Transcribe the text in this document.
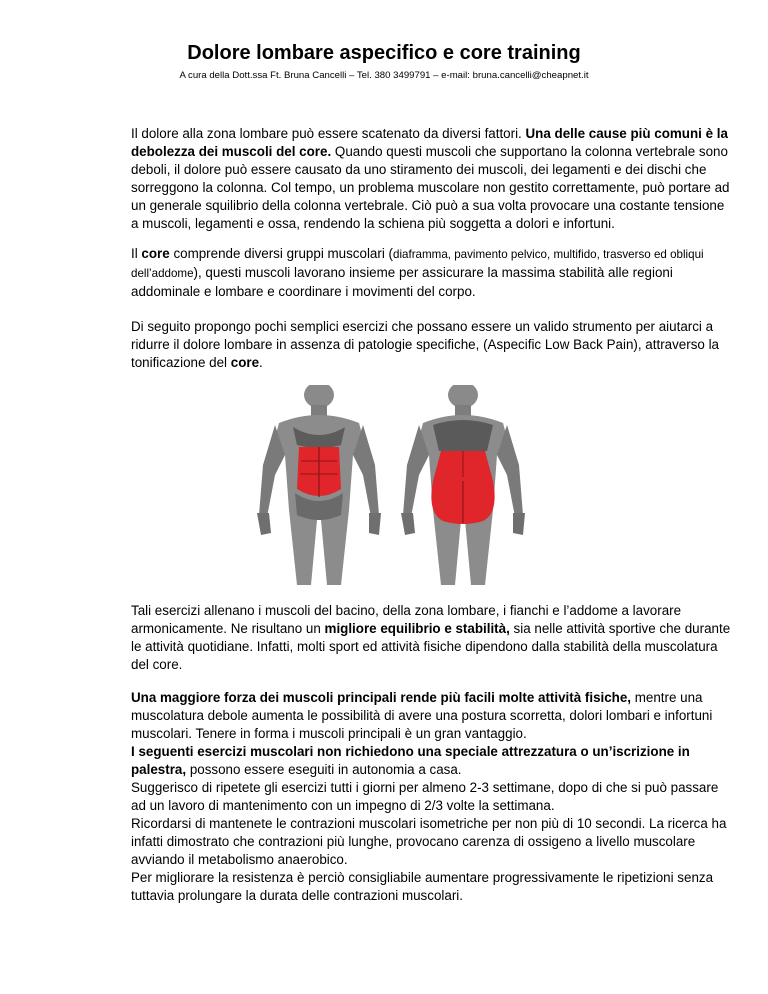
Dolore lombare aspecifico e core training
A cura della Dott.ssa Ft. Bruna Cancelli – Tel. 380 3499791 – e-mail: bruna.cancelli@cheapnet.it

Il dolore alla zona lombare può essere scatenato da diversi fattori. Una delle cause più comuni è la debolezza dei muscoli del core. Quando questi muscoli che supportano la colonna vertebrale sono deboli, il dolore può essere causato da uno stiramento dei muscoli, dei legamenti e dei dischi che sorreggono la colonna. Col tempo, un problema muscolare non gestito correttamente, può portare ad un generale squilibrio della colonna vertebrale. Ciò può a sua volta provocare una costante tensione a muscoli, legamenti e ossa, rendendo la schiena più soggetta a dolori e infortuni.

Il core comprende diversi gruppi muscolari (diaframma, pavimento pelvico, multifido, trasverso ed obliqui dell’addome), questi muscoli lavorano insieme per assicurare la massima stabilità alle regioni addominale e lombare e coordinare i movimenti del corpo.

Di seguito propongo pochi semplici esercizi che possano essere un valido strumento per aiutarci a ridurre il dolore lombare in assenza di patologie specifiche, (Aspecific Low Back Pain), attraverso la tonificazione del core.

Tali esercizi allenano i muscoli del bacino, della zona lombare, i fianchi e l’addome a lavorare armonicamente. Ne risultano un migliore equilibrio e stabilità, sia nelle attività sportive che durante le attività quotidiane. Infatti, molti sport ed attività fisiche dipendono dalla stabilità della muscolatura del core.

Una maggiore forza dei muscoli principali rende più facili molte attività fisiche, mentre una muscolatura debole aumenta le possibilità di avere una postura scorretta, dolori lombari e infortuni muscolari. Tenere in forma i muscoli principali è un gran vantaggio.

I seguenti esercizi muscolari non richiedono una speciale attrezzatura o un’iscrizione in palestra, possono essere eseguiti in autonomia a casa.

Suggerisco di ripetete gli esercizi tutti i giorni per almeno 2-3 settimane, dopo di che si può passare ad un lavoro di mantenimento con un impegno di 2/3 volte la settimana.

Ricordarsi di mantenete le contrazioni muscolari isometriche per non più di 10 secondi. La ricerca ha infatti dimostrato che contrazioni più lunghe, provocano carenza di ossigeno a livello muscolare avviando il metabolismo anaerobico.

Per migliorare la resistenza è perciò consigliabile aumentare progressivamente le ripetizioni senza tuttavia prolungare la durata delle contrazioni muscolari.
